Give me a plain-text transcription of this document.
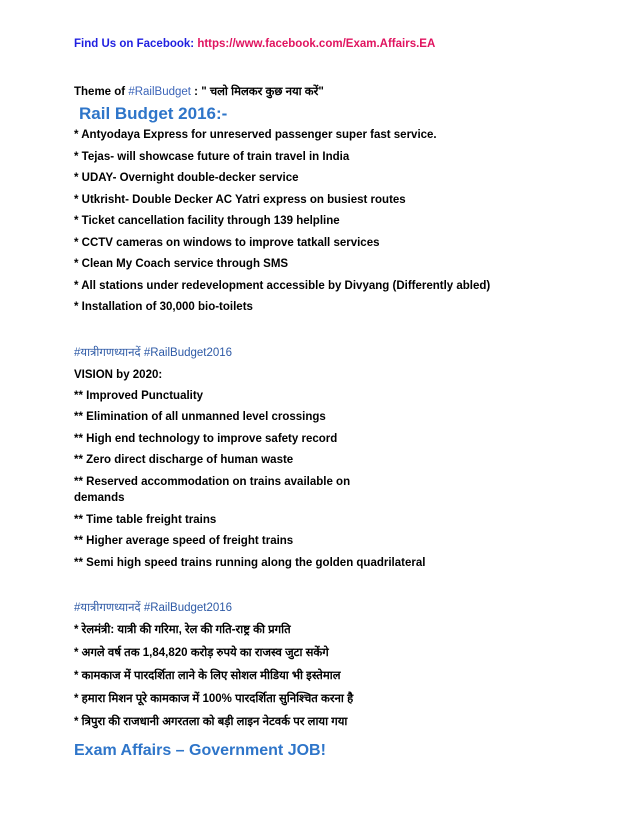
Find Us on Facebook: https://www.facebook.com/Exam.Affairs.EA
Theme of #RailBudget : " चलो मिलकर कुछ नया करें"
Rail Budget 2016:-
* Antyodaya Express for unreserved passenger super fast service.
* Tejas- will showcase future of train travel in India
* UDAY- Overnight double-decker service
* Utkrisht- Double Decker AC Yatri express on busiest routes
* Ticket cancellation facility through 139 helpline
* CCTV cameras on windows to improve tatkall services
* Clean My Coach service through SMS
* All stations under redevelopment accessible by Divyang (Differently abled)
* Installation of 30,000 bio-toilets
#यात्रीगणध्यानदें #RailBudget2016
VISION by 2020:
** Improved Punctuality
** Elimination of all unmanned level crossings
** High end technology to improve safety record
** Zero direct discharge of human waste
** Reserved accommodation on trains available on demands
** Time table freight trains
** Higher average speed of freight trains
** Semi high speed trains running along the golden quadrilateral
#यात्रीगणध्यानदें #RailBudget2016
* रेलमंत्री: यात्री की गरिमा, रेल की गति-राष्ट्र की प्रगति
* अगले वर्ष तक 1,84,820 करोड़ रुपये का राजस्व जुटा सकेंगे
* कामकाज में पारदर्शिता लाने के लिए सोशल मीडिया भी इस्तेमाल
* हमारा मिशन पूरे कामकाज में 100% पारदर्शिता सुनिश्चित करना है
* त्रिपुरा की राजधानी अगरतला को बड़ी लाइन नेटवर्क पर लाया गया
Exam Affairs – Government JOB!
